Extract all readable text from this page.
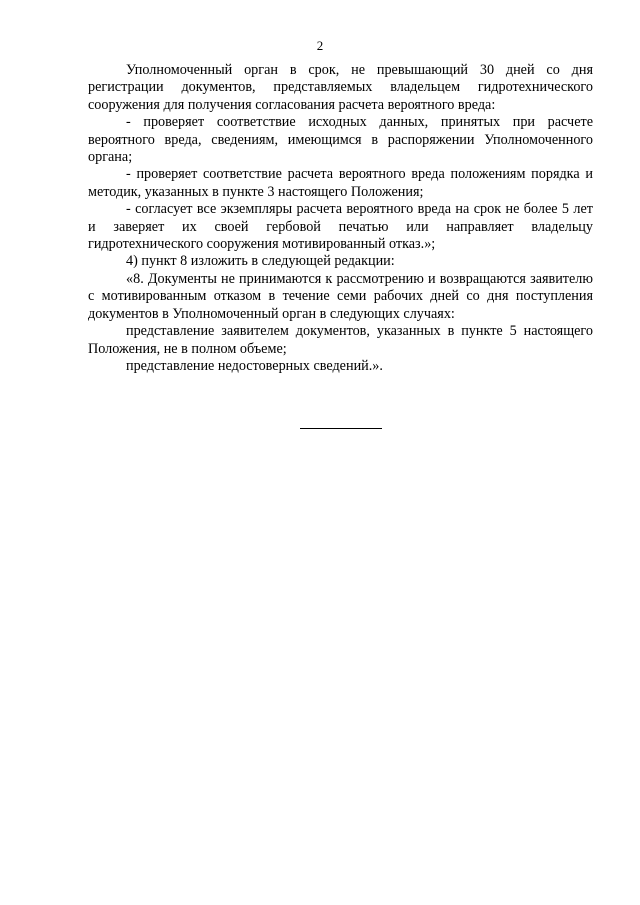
2

Уполномоченный орган в срок, не превышающий 30 дней со дня регистрации документов, представляемых владельцем гидротехнического сооружения для получения согласования расчета вероятного вреда:

- проверяет соответствие исходных данных, принятых при расчете вероятного вреда, сведениям, имеющимся в распоряжении Уполномоченного органа;

- проверяет соответствие расчета вероятного вреда положениям порядка и методик, указанных в пункте 3 настоящего Положения;

- согласует все экземпляры расчета вероятного вреда на срок не более 5 лет и заверяет их своей гербовой печатью или направляет владельцу гидротехнического сооружения мотивированный отказ.»;

4) пункт 8 изложить в следующей редакции:

«8. Документы не принимаются к рассмотрению и возвращаются заявителю с мотивированным отказом в течение семи рабочих дней со дня поступления документов в Уполномоченный орган в следующих случаях:

представление заявителем документов, указанных в пункте 5 настоящего Положения, не в полном объеме;

представление недостоверных сведений.».
